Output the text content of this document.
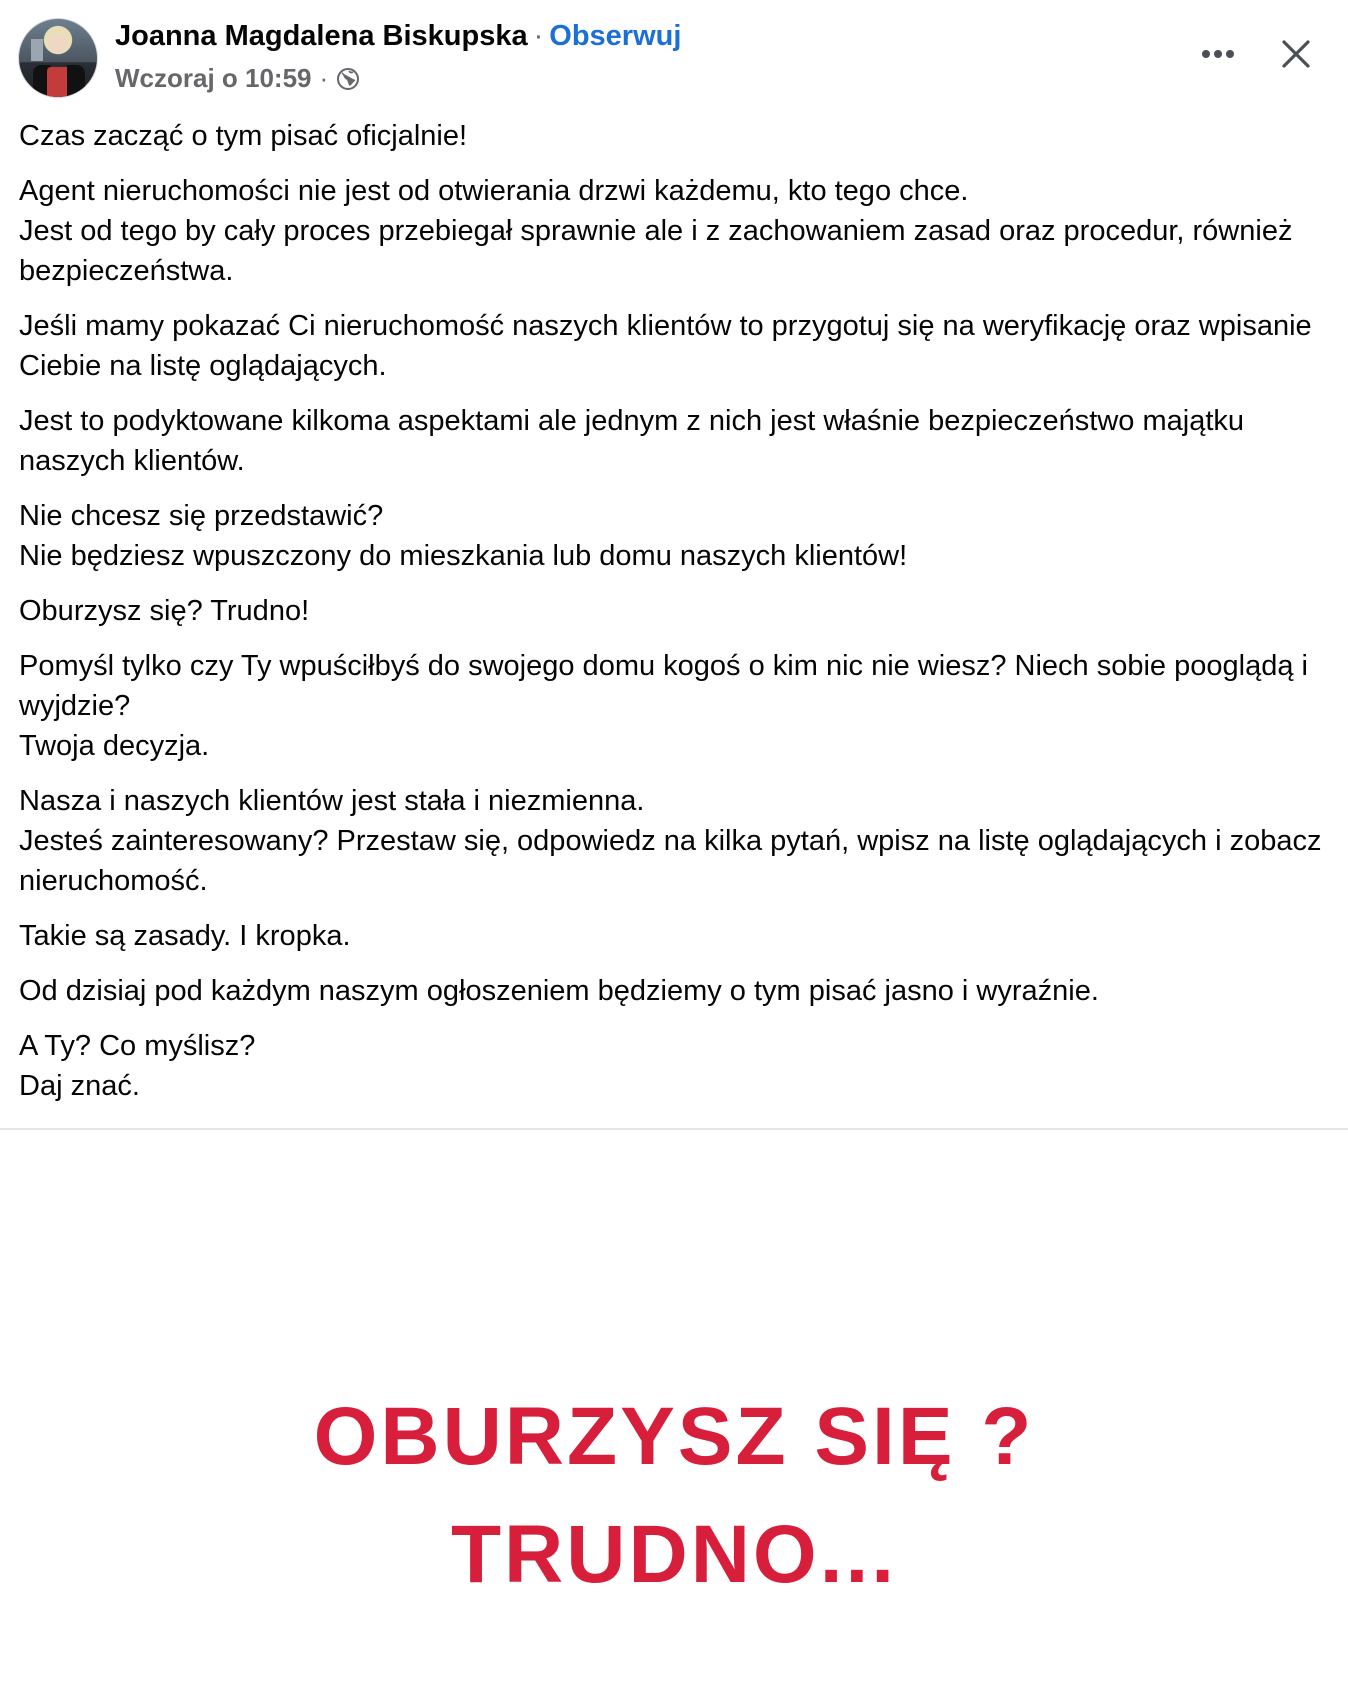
Joanna Magdalena Biskupska · Obserwuj
Wczoraj o 10:59 ·

Czas zacząć o tym pisać oficjalnie!

Agent nieruchomości nie jest od otwierania drzwi każdemu, kto tego chce.
Jest od tego by cały proces przebiegał sprawnie ale i z zachowaniem zasad oraz procedur, również   bezpieczeństwa.

Jeśli mamy pokazać Ci nieruchomość naszych klientów to przygotuj się na weryfikację oraz wpisanie Ciebie na listę oglądających.

Jest to podyktowane kilkoma aspektami ale jednym z nich jest właśnie bezpieczeństwo majątku naszych klientów.

Nie chcesz się przedstawić?
Nie będziesz wpuszczony do mieszkania lub domu naszych klientów!

Oburzysz się? Trudno!

Pomyśl tylko czy Ty wpuściłbyś do swojego domu kogoś o kim nic nie wiesz? Niech sobie pooglądą i wyjdzie?
Twoja decyzja.

Nasza i naszych klientów jest stała i niezmienna.
Jesteś zainteresowany? Przestaw się, odpowiedz na kilka pytań, wpisz na listę oglądających i zobacz nieruchomość.

Takie są zasady. I kropka.

Od dzisiaj pod każdym naszym ogłoszeniem będziemy o tym pisać jasno i wyraźnie.

A Ty? Co myślisz?
Daj znać.

OBURZYSZ SIĘ ?
TRUDNO...
